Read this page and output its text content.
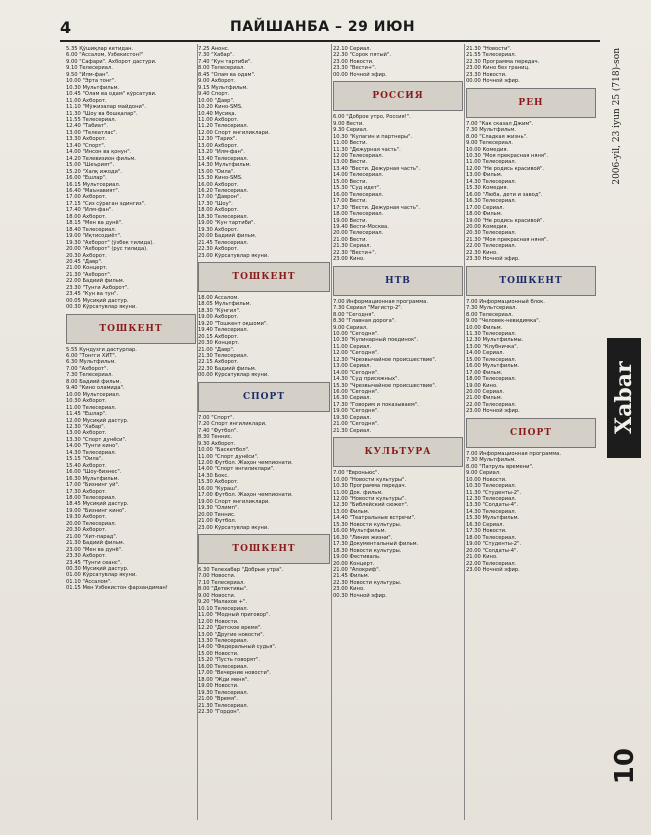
4	ПАЙШАНБА – 29 ИЮН
5.35 Қўшиқлар кетидан.
6.00 "Ассалом, Ўзбекистон!"
9.00 "Сафари". Ахборот дастури.
9.10 Телесериал.
9.50 "Илм-фан".
10.00 "Эрта тонг".
10.30 Мультфильм.
10.45 "Олам ва одам" кўрсатуви.
11.00 Ахборот.
11.10 "Мўжизалар майдони".
11.30 "Шоу ва бошқалар".
11.55 Телесериал.
12.40 "Табиат".
13.00 "Телеатлас".
13.30 Ахборот.
13.40 "Спорт".
14.00 "Инсон ва қонун".
14.20 Телевизион фильм.
15.00 "Шеърият".
15.20 "Халқ ижоди".
16.00 "Ёшлар".
16.15 Мультсериал.
16.40 "Маънавият".
17.00 Ахборот.
17.15 "Сиз сўраган эдингиз".
17.40 "Илм-фан".
18.00 Ахборот.
18.15 "Мен ва дунё".
18.40 Телесериал.
19.00 "Иқтисодиёт".
19.30 "Ахборот" (ўзбек тилида).
20.00 "Ахборот" (рус тилида).
20.30 Ахборот.
20.45 "Давр".
21.00 Концерт.
21.30 "Ахборот".
22.00 Бадиий фильм.
23.30 "Тунги Ахборот".
23.45 "Кун ва тун".
00.05 Мусиқий дастур.
00.30 Кўрсатувлар якуни.
ТОШКЕНТ
5.55 Кундузги дастурлар.
6.00 "Тонгги ХИТ".
6.30 Мультфильм.
7.00 "Ахборот".
7.30 Телесериал.
8.00 Бадиий фильм.
9.40 "Кино оламида".
10.00 Мультсериал.
10.30 Ахборот.
11.00 Телесериал.
11.45 "Ёшлар".
12.00 Мусиқий дастур.
12.30 "Хабар".
13.00 Ахборот.
13.30 "Спорт дунёси".
14.00 "Тунги кино".
14.30 Телесериал.
15.15 "Оила".
15.40 Ахборот.
16.00 "Шоу-бизнес".
16.30 Мультфильм.
17.00 "Бизнинг уй".
17.30 Ахборот.
18.00 Телесериал.
18.45 Мусиқий дастур.
19.00 "Бизнинг кино".
19.30 Ахборот.
20.00 Телесериал.
20.30 Ахборот.
21.00 "Хит-парад".
21.30 Бадиий фильм.
23.00 "Мен ва дунё".
23.30 Ахборот.
23.45 "Тунги сеанс".
00.30 Мусиқий дастур.
01.00 Кўрсатувлар якуни.
01.10 "Ассалом".
01.15 Мен Ўзбекистон фарзандиман!
7.25 Анонс.
7.30 "Хабар".
7.40 "Кун тартиби".
8.00 Телесериал.
8.45 "Олам ва одам".
9.00 Ахборот.
9.15 Мультфильм.
9.40 Спорт.
10.00 "Давр".
10.20 Кино-SMS.
10.40 Мусиқа.
11.00 Ахборот.
11.20 Телесериал.
12.00 Спорт янгиликлари.
12.30 "Тарих".
13.00 Ахборот.
13.20 "Илм-фан".
13.40 Телесериал.
14.30 Мультфильм.
15.00 "Оила".
15.30 Кино-SMS.
16.00 Ахборот.
16.20 Телесериал.
17.00 "Даврон".
17.30 "Шоу".
18.00 Ахборот.
18.30 Телесериал.
19.00 "Кун тартиби".
19.30 Ахборот.
20.00 Бадиий фильм.
21.45 Телесериал.
22.30 Ахборот.
23.00 Кўрсатувлар якуни.
ТОШКЕНТ
18.00 Ассалом.
18.05 Мультфильм.
18.30 "Кўнгил".
19.00 Ахборот.
19.20 "Тошкент оқшоми".
19.40 Телесериал.
20.15 Ахборот.
20.30 Концерт.
21.00 "Давр".
21.30 Телесериал.
22.15 Ахборот.
22.30 Бадиий фильм.
00.00 Кўрсатувлар якуни.
СПОРТ
7.00 "Спорт".
7.20 Спорт янгиликлари.
7.40 "Футбол".
8.30 Теннис.
9.30 Ахборот.
10.00 "Баскетбол".
11.00 "Спорт дунёси".
12.00 Футбол. Жаҳон чемпионати.
14.00 "Спорт янгиликлари".
14.30 Бокс.
15.30 Ахборот.
16.00 "Кураш".
17.00 Футбол. Жаҳон чемпионати.
19.00 Спорт янгиликлари.
19.30 "Олимп".
20.00 Теннис.
21.00 Футбол.
23.00 Кўрсатувлар якуни.
ТОШКЕНТ
6.30 Телехабар "Добрые утра".
7.00 Новости.
7.10 Телесериал.
8.00 "Детективы".
9.00 Новости.
9.20 "Малахов +".
10.10 Телесериал.
11.00 "Модный приговор".
12.00 Новости.
12.20 "Детское время".
13.00 "Другие новости".
13.30 Телесериал.
14.00 "Федеральный судья".
15.00 Новости.
15.20 "Пусть говорят".
16.00 Телесериал.
17.00 "Вечерние новости".
18.00 "Жди меня".
19.00 Новости.
19.30 Телесериал.
21.00 "Время".
21.30 Телесериал.
22.30 "Гордон".
22.10 Сериал.
22.30 "Сорок пятый".
23.00 Новости.
23.30 "Вести+".
00.00 Ночной эфир.
РОССИЯ
6.00 "Доброе утро, Россия!".
9.00 Вести.
9.30 Сериал.
10.30 "Кулагин и партнеры".
11.00 Вести.
11.30 "Дежурная часть".
12.00 Телесериал.
13.00 Вести.
13.40 "Вести. Дежурная часть".
14.00 Телесериал.
15.00 Вести.
15.30 "Суд идет".
16.00 Телесериал.
17.00 Вести.
17.30 "Вести. Дежурная часть".
18.00 Телесериал.
19.00 Вести.
19.40 Вести-Москва.
20.00 Телесериал.
21.00 Вести.
21.30 Сериал.
22.30 "Вести+".
23.00 Кино.
НТВ
7.00 Информационная программа.
7.30 Сериал "Магистр-2".
8.00 "Сегодня".
8.30 "Главная дорога".
9.00 Сериал.
10.00 "Сегодня".
10.30 "Кулинарный поединок".
11.00 Сериал.
12.00 "Сегодня".
12.30 "Чрезвычайное происшествие".
13.00 Сериал.
14.00 "Сегодня".
14.30 "Суд присяжных".
15.30 "Чрезвычайное происшествие".
16.00 "Сегодня".
16.30 Сериал.
17.30 "Говорим и показываем".
19.00 "Сегодня".
19.30 Сериал.
21.00 "Сегодня".
21.30 Сериал.
КУЛЬТУРА
7.00 "Евроньюс".
10.00 "Новости культуры".
10.30 Программа передач.
11.00 Док. фильм.
12.00 "Новости культуры".
12.30 "Библейский сюжет".
13.00 Фильм.
14.40 "Театральные встречи".
15.30 Новости культуры.
16.00 Мультфильм.
16.30 "Линия жизни".
17.30 Документальный фильм.
18.30 Новости культуры.
19.00 Фестиваль.
20.00 Концерт.
21.00 "Апокриф".
21.45 Фильм.
22.30 Новости культуры.
23.00 Кино.
00.30 Ночной эфир.
21.30 "Новости".
21.55 Телесериал.
22.30 Программа передач.
23.00 Кино без границ.
23.30 Новости.
00.00 Ночной эфир.
РЕН
7.00 "Как сказал Джим".
7.30 Мультфильм.
8.00 "Сладкая жизнь".
9.00 Телесериал.
10.00 Комедия.
10.30 "Моя прекрасная няня".
11.00 Телесериал.
12.00 "Не родись красивой".
13.00 Фильм.
14.30 Телесериал.
15.30 Комедия.
16.00 "Люба, дети и завод".
16.30 Телесериал.
17.00 Сериал.
18.00 Фильм.
19.00 "Не родись красивой".
20.00 Комедия.
20.30 Телесериал.
21.30 "Моя прекрасная няня".
22.00 Телесериал.
22.30 Кино.
23.30 Ночной эфир.
ТОШКЕНТ
7.00 Информационный блок.
7.30 Мультсериал.
8.00 Телесериал.
9.00 "Человек-невидимка".
10.00 Фильм.
11.30 Телесериал.
12.30 Мультфильмы.
13.00 "Клубничка".
14.00 Сериал.
15.00 Телесериал.
16.00 Мультфильм.
17.00 Фильм.
18.00 Телесериал.
19.00 Кино.
20.00 Сериал.
21.00 Фильм.
22.00 Телесериал.
23.00 Ночной эфир.
СПОРТ
7.00 Информационная программа.
7.30 Мультфильм.
8.00 "Патруль времени".
9.00 Сериал.
10.00 Новости.
10.30 Телесериал.
11.30 "Студенты-2".
12.30 Телесериал.
13.30 "Солдаты-4".
14.30 Телесериал.
15.30 Мультфильм.
16.30 Сериал.
17.30 Новости.
18.00 Телесериал.
19.00 "Студенты-2".
20.00 "Солдаты-4".
21.00 Кино.
22.00 Телесериал.
23.00 Ночной эфир.
2006-yil, 23 iyun 25 (718)-son
Xabar
10
